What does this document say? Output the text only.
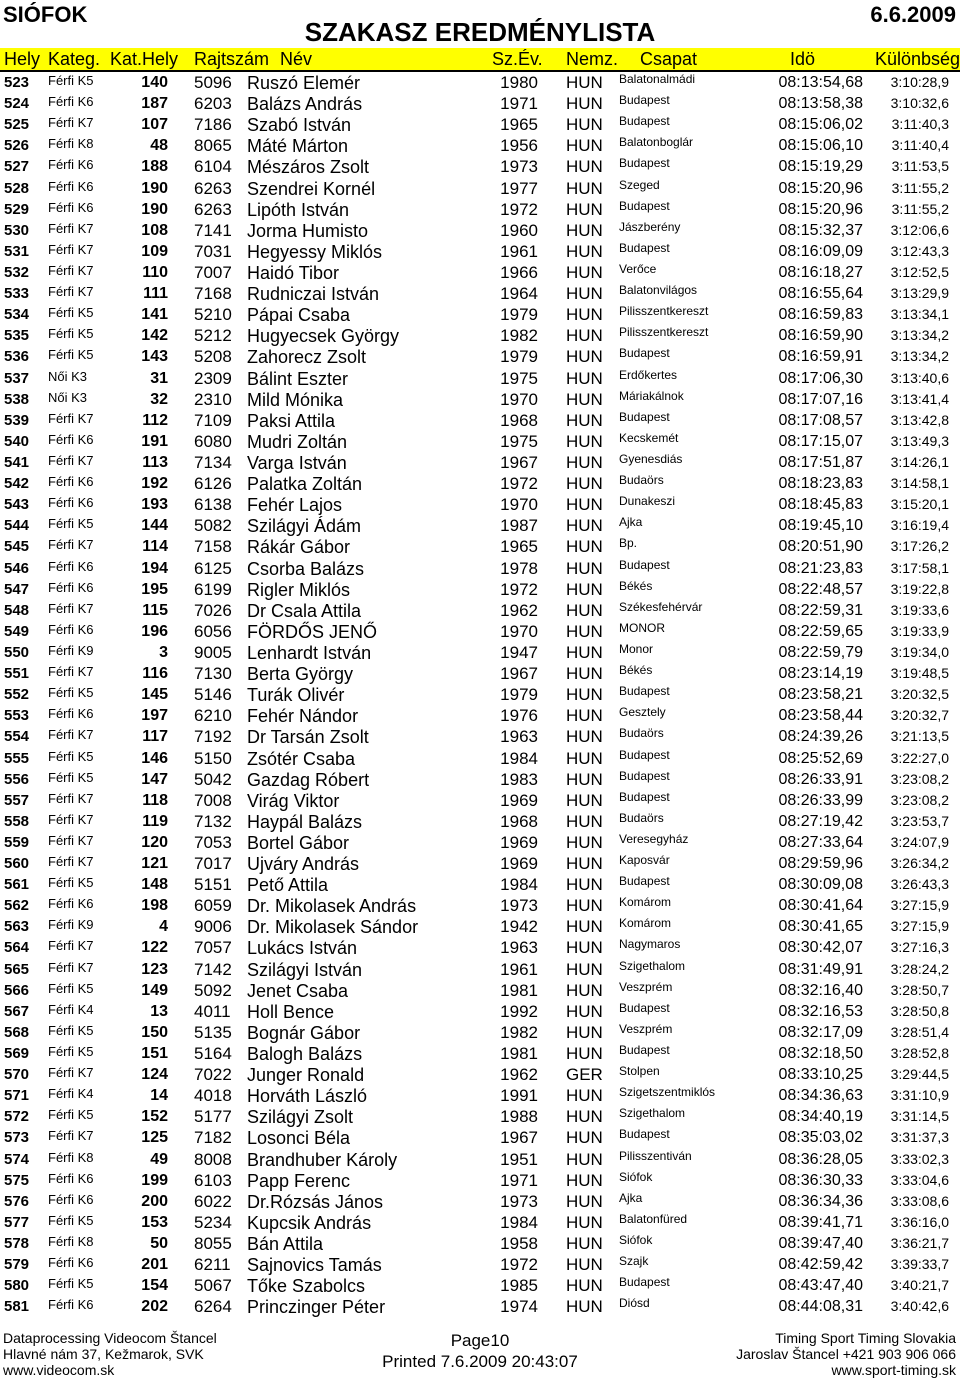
SIÓFOK	6.6.2009
SZAKASZ EREDMÉNYLISTA
Hely Kateg. Kat.Hely Rajtszám Név	Sz.Év. Nemz. Csapat	Idö	Különbség
523 Férfi K5	140 5096 Ruszó Elemér	1980 HUN Balatonalmádi	08:13:54,68 3:10:28,9
524 Férfi K6	187 6203 Balázs András	1971 HUN Budapest	08:13:58,38 3:10:32,6
525 Férfi K7	107 7186 Szabó István	1965 HUN Budapest	08:15:06,02 3:11:40,3
526 Férfi K8	48 8065 Máté Márton	1956 HUN Balatonboglár	08:15:06,10 3:11:40,4
527 Férfi K6	188 6104 Mészáros Zsolt	1973 HUN Budapest	08:15:19,29 3:11:53,5
528 Férfi K6	190 6263 Szendrei Kornél	1977 HUN Szeged	08:15:20,96 3:11:55,2
529 Férfi K6	190 6263 Lipóth István	1972 HUN Budapest	08:15:20,96 3:11:55,2
530 Férfi K7	108 7141 Jorma Humisto	1960 HUN Jászberény	08:15:32,37 3:12:06,6
531 Férfi K7	109 7031 Hegyessy Miklós	1961 HUN Budapest	08:16:09,09 3:12:43,3
532 Férfi K7	110 7007 Haidó Tibor	1966 HUN Verőce	08:16:18,27 3:12:52,5
533 Férfi K7	111 7168 Rudniczai István	1964 HUN Balatonvilágos	08:16:55,64 3:13:29,9
534 Férfi K5	141 5210 Pápai Csaba	1979 HUN Pilisszentkereszt	08:16:59,83 3:13:34,1
535 Férfi K5	142 5212 Hugyecsek György	1982 HUN Pilisszentkereszt	08:16:59,90 3:13:34,2
536 Férfi K5	143 5208 Zahorecz Zsolt	1979 HUN Budapest	08:16:59,91 3:13:34,2
537 Női K3	31 2309 Bálint Eszter	1975 HUN Erdőkertes	08:17:06,30 3:13:40,6
538 Női K3	32 2310 Mild Mónika	1970 HUN Máriakálnok	08:17:07,16 3:13:41,4
539 Férfi K7	112 7109 Paksi Attila	1968 HUN Budapest	08:17:08,57 3:13:42,8
540 Férfi K6	191 6080 Mudri Zoltán	1975 HUN Kecskemét	08:17:15,07 3:13:49,3
541 Férfi K7	113 7134 Varga István	1967 HUN Gyenesdiás	08:17:51,87 3:14:26,1
542 Férfi K6	192 6126 Palatka Zoltán	1972 HUN Budaörs	08:18:23,83 3:14:58,1
543 Férfi K6	193 6138 Fehér Lajos	1970 HUN Dunakeszi	08:18:45,83 3:15:20,1
544 Férfi K5	144 5082 Szilágyi Ádám	1987 HUN Ajka	08:19:45,10 3:16:19,4
545 Férfi K7	114 7158 Rákár Gábor	1965 HUN Bp.	08:20:51,90 3:17:26,2
546 Férfi K6	194 6125 Csorba Balázs	1978 HUN Budapest	08:21:23,83 3:17:58,1
547 Férfi K6	195 6199 Rigler Miklós	1972 HUN Békés	08:22:48,57 3:19:22,8
548 Férfi K7	115 7026 Dr Csala Attila	1962 HUN Székesfehérvár	08:22:59,31 3:19:33,6
549 Férfi K6	196 6056 FÖRDŐS JENŐ	1970 HUN MONOR	08:22:59,65 3:19:33,9
550 Férfi K9	3 9005 Lenhardt István	1947 HUN Monor	08:22:59,79 3:19:34,0
551 Férfi K7	116 7130 Berta György	1967 HUN Békés	08:23:14,19 3:19:48,5
552 Férfi K5	145 5146 Turák Olivér	1979 HUN Budapest	08:23:58,21 3:20:32,5
553 Férfi K6	197 6210 Fehér Nándor	1976 HUN Gesztely	08:23:58,44 3:20:32,7
554 Férfi K7	117 7192 Dr Tarsán Zsolt	1963 HUN Budaörs	08:24:39,26 3:21:13,5
555 Férfi K5	146 5150 Zsótér Csaba	1984 HUN Budapest	08:25:52,69 3:22:27,0
556 Férfi K5	147 5042 Gazdag Róbert	1983 HUN Budapest	08:26:33,91 3:23:08,2
557 Férfi K7	118 7008 Virág Viktor	1969 HUN Budapest	08:26:33,99 3:23:08,2
558 Férfi K7	119 7132 Haypál Balázs	1968 HUN Budaörs	08:27:19,42 3:23:53,7
559 Férfi K7	120 7053 Bortel Gábor	1969 HUN Veresegyház	08:27:33,64 3:24:07,9
560 Férfi K7	121 7017 Ujváry András	1969 HUN Kaposvár	08:29:59,96 3:26:34,2
561 Férfi K5	148 5151 Pető Attila	1984 HUN Budapest	08:30:09,08 3:26:43,3
562 Férfi K6	198 6059 Dr. Mikolasek András	1973 HUN Komárom	08:30:41,64 3:27:15,9
563 Férfi K9	4 9006 Dr. Mikolasek Sándor	1942 HUN Komárom	08:30:41,65 3:27:15,9
564 Férfi K7	122 7057 Lukács István	1963 HUN Nagymaros	08:30:42,07 3:27:16,3
565 Férfi K7	123 7142 Szilágyi István	1961 HUN Szigethalom	08:31:49,91 3:28:24,2
566 Férfi K5	149 5092 Jenet Csaba	1981 HUN Veszprém	08:32:16,40 3:28:50,7
567 Férfi K4	13 4011 Holl Bence	1992 HUN Budapest	08:32:16,53 3:28:50,8
568 Férfi K5	150 5135 Bognár Gábor	1982 HUN Veszprém	08:32:17,09 3:28:51,4
569 Férfi K5	151 5164 Balogh Balázs	1981 HUN Budapest	08:32:18,50 3:28:52,8
570 Férfi K7	124 7022 Junger Ronald	1962 GER Stolpen	08:33:10,25 3:29:44,5
571 Férfi K4	14 4018 Horváth László	1991 HUN Szigetszentmiklós	08:34:36,63 3:31:10,9
572 Férfi K5	152 5177 Szilágyi Zsolt	1988 HUN Szigethalom	08:34:40,19 3:31:14,5
573 Férfi K7	125 7182 Losonci Béla	1967 HUN Budapest	08:35:03,02 3:31:37,3
574 Férfi K8	49 8008 Brandhuber Károly	1951 HUN Pilisszentiván	08:36:28,05 3:33:02,3
575 Férfi K6	199 6103 Papp Ferenc	1971 HUN Siófok	08:36:30,33 3:33:04,6
576 Férfi K6	200 6022 Dr.Rózsás János	1973 HUN Ajka	08:36:34,36 3:33:08,6
577 Férfi K5	153 5234 Kupcsik András	1984 HUN Balatonfüred	08:39:41,71 3:36:16,0
578 Férfi K8	50 8055 Bán Attila	1958 HUN Siófok	08:39:47,40 3:36:21,7
579 Férfi K6	201 6211 Sajnovics Tamás	1972 HUN Szajk	08:42:59,42 3:39:33,7
580 Férfi K5	154 5067 Tőke Szabolcs	1985 HUN Budapest	08:43:47,40 3:40:21,7
581 Férfi K6	202 6264 Princzinger Péter	1974 HUN Diósd	08:44:08,31 3:40:42,6
Dataprocessing Videocom Štancel
Hlavné nám 37, Kežmarok, SVK
www.videocom.sk
Page10
Printed 7.6.2009 20:43:07
Timing Sport Timing Slovakia
Jaroslav Štancel +421 903 906 066
www.sport-timing.sk
